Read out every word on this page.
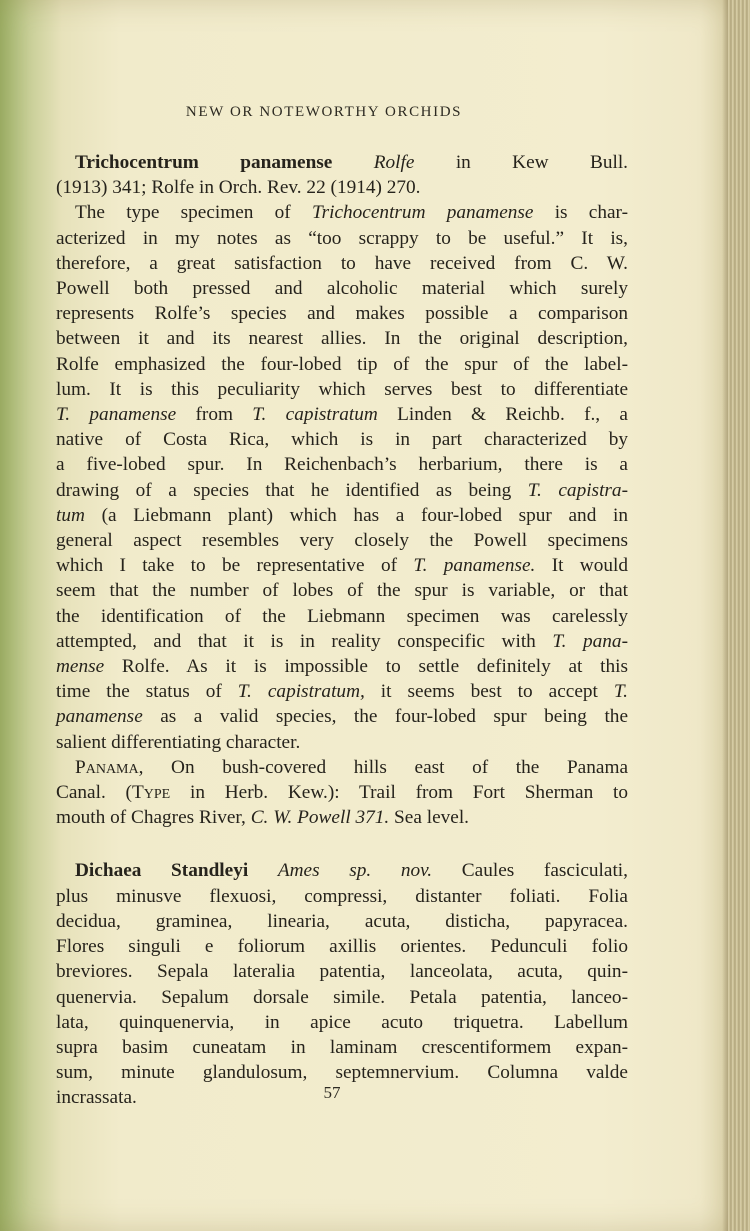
NEW OR NOTEWORTHY ORCHIDS
Trichocentrum panamense Rolfe in Kew Bull.
(1913) 341; Rolfe in Orch. Rev. 22 (1914) 270.
The type specimen of Trichocentrum panamense is char-
acterized in my notes as “too scrappy to be useful.” It is,
therefore, a great satisfaction to have received from C. W.
Powell both pressed and alcoholic material which surely
represents Rolfe’s species and makes possible a comparison
between it and its nearest allies. In the original description,
Rolfe emphasized the four-lobed tip of the spur of the label-
lum. It is this peculiarity which serves best to differentiate
T. panamense from T. capistratum Linden & Reichb. f., a
native of Costa Rica, which is in part characterized by
a five-lobed spur. In Reichenbach’s herbarium, there is a
drawing of a species that he identified as being T. capistra-
tum (a Liebmann plant) which has a four-lobed spur and in
general aspect resembles very closely the Powell specimens
which I take to be representative of T. panamense. It would
seem that the number of lobes of the spur is variable, or that
the identification of the Liebmann specimen was carelessly
attempted, and that it is in reality conspecific with T. pana-
mense Rolfe. As it is impossible to settle definitely at this
time the status of T. capistratum, it seems best to accept T.
panamense as a valid species, the four-lobed spur being the
salient differentiating character.
Panama, On bush-covered hills east of the Panama
Canal. (Type in Herb. Kew.): Trail from Fort Sherman to
mouth of Chagres River, C. W. Powell 371. Sea level.
Dichaea Standleyi Ames sp. nov. Caules fasciculati,
plus minusve flexuosi, compressi, distanter foliati. Folia
decidua, graminea, linearia, acuta, disticha, papyracea.
Flores singuli e foliorum axillis orientes. Pedunculi folio
breviores. Sepala lateralia patentia, lanceolata, acuta, quin-
quenervia. Sepalum dorsale simile. Petala patentia, lanceo-
lata, quinquenervia, in apice acuto triquetra. Labellum
supra basim cuneatam in laminam crescentiformem expan-
sum, minute glandulosum, septemnervium. Columna valde
incrassata.	57
